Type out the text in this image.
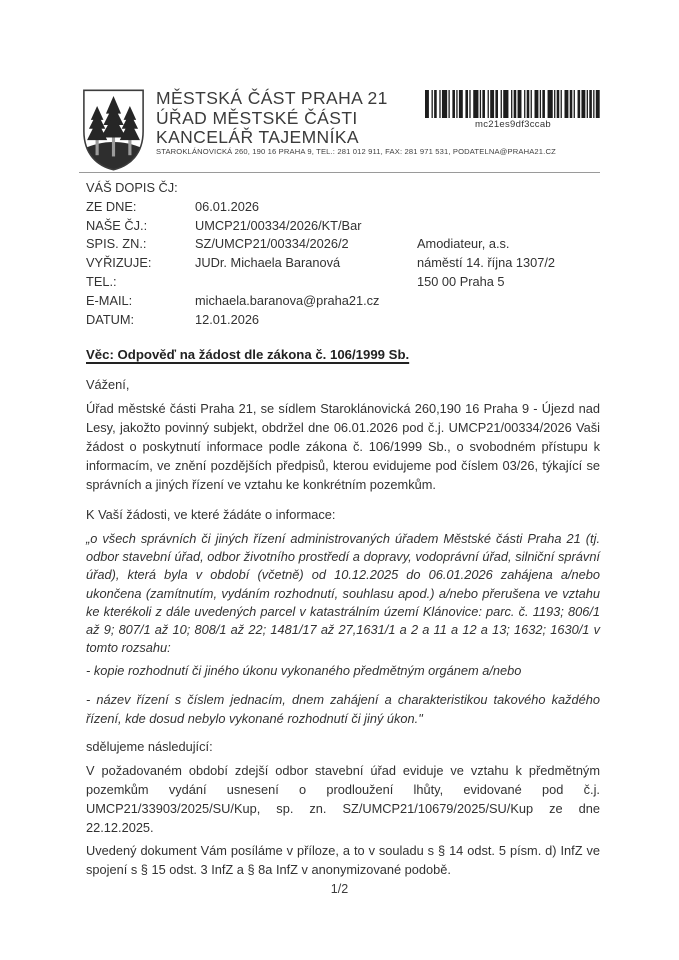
MĚSTSKÁ ČÁST PRAHA 21
ÚŘAD MĚSTSKÉ ČÁSTI
KANCELÁŘ TAJEMNÍKA
STAROKLÁNOVICKÁ 260, 190 16 PRAHA 9, TEL.: 281 012 911, FAX: 281 971 531, PODATELNA@PRAHA21.CZ
mc21es9df3ccab
VÁŠ DOPIS ČJ:
ZE DNE:	06.01.2026
NAŠE ČJ.:	UMCP21/00334/2026/KT/Bar
SPIS. ZN.:	SZ/UMCP21/00334/2026/2
VYŘIZUJE:	JUDr. Michaela Baranová
TEL.:
E-MAIL:	michaela.baranova@praha21.cz
DATUM:	12.01.2026
Amodiateur, a.s.
náměstí 14. října 1307/2
150 00 Praha 5
Věc: Odpověď na žádost dle zákona č. 106/1999 Sb.
Vážení,
Úřad městské části Praha 21, se sídlem Staroklánovická 260,190 16 Praha 9 - Újezd nad Lesy, jakožto povinný subjekt, obdržel dne 06.01.2026 pod č.j. UMCP21/00334/2026 Vaši žádost o poskytnutí informace podle zákona č. 106/1999 Sb., o svobodném přístupu k informacím, ve znění pozdějších předpisů, kterou evidujeme pod číslem 03/26, týkající se správních a jiných řízení ve vztahu ke konkrétním pozemkům.
K Vaší žádosti, ve které žádáte o informace:
„o všech správních či jiných řízení administrovaných úřadem Městské části Praha 21 (tj. odbor stavební úřad, odbor životního prostředí a dopravy, vodoprávní úřad, silniční správní úřad), která byla v období (včetně) od 10.12.2025 do 06.01.2026 zahájena a/nebo ukončena (zamítnutím, vydáním rozhodnutí, souhlasu apod.) a/nebo přerušena ve vztahu ke kterékoli z dále uvedených parcel v katastrálním území Klánovice: parc. č. 1193; 806/1 až 9; 807/1 až 10; 808/1 až 22; 1481/17 až 27,1631/1 a 2 a 11 a 12 a 13; 1632; 1630/1 v tomto rozsahu:
- kopie rozhodnutí či jiného úkonu vykonaného předmětným orgánem a/nebo
- název řízení s číslem jednacím, dnem zahájení a charakteristikou takového každého řízení, kde dosud nebylo vykonané rozhodnutí či jiný úkon."
sdělujeme následující:
V požadovaném období zdejší odbor stavební úřad eviduje ve vztahu k předmětným pozemkům vydání usnesení o prodloužení lhůty, evidované pod č.j. UMCP21/33903/2025/SU/Kup, sp. zn. SZ/UMCP21/10679/2025/SU/Kup ze dne 22.12.2025.
Uvedený dokument Vám posíláme v příloze, a to v souladu s § 14 odst. 5 písm. d) InfZ ve spojení s § 15 odst. 3 InfZ a § 8a InfZ v anonymizované podobě.
1/2
